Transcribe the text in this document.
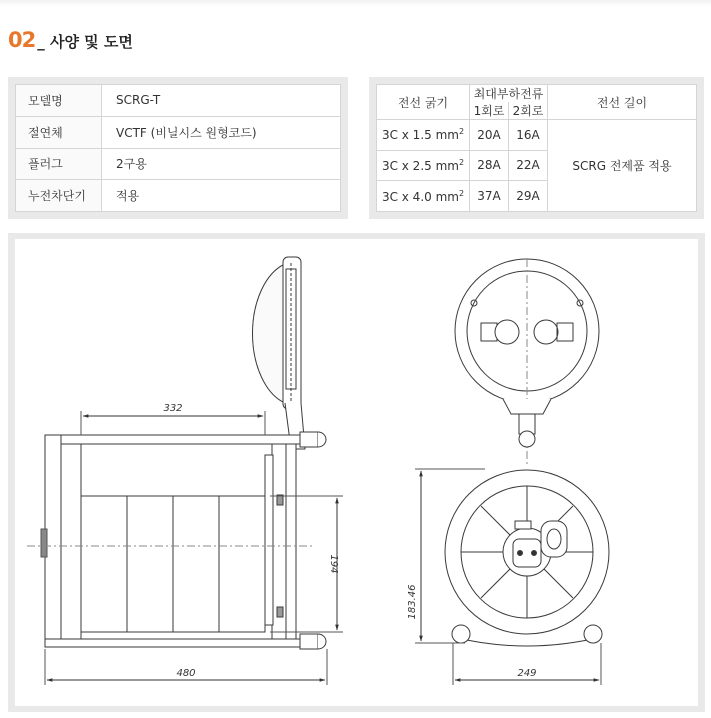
02 _ 사양 및 도면
모델명	SCRG-T
절연체	VCTF (비닐시스 원형코드)
플러그	2구용
누전차단기	적용
전선 굵기	최대부하전류		전선 길이
	1회로	2회로	
3C x 1.5 $mm^2$	20A	16A	SCRG 전제품 적용
3C x 2.5 $mm^2$	28A	22A	
3C x 4.0 $mm^2$	37A	29A	
332
194
480
183.46
249
